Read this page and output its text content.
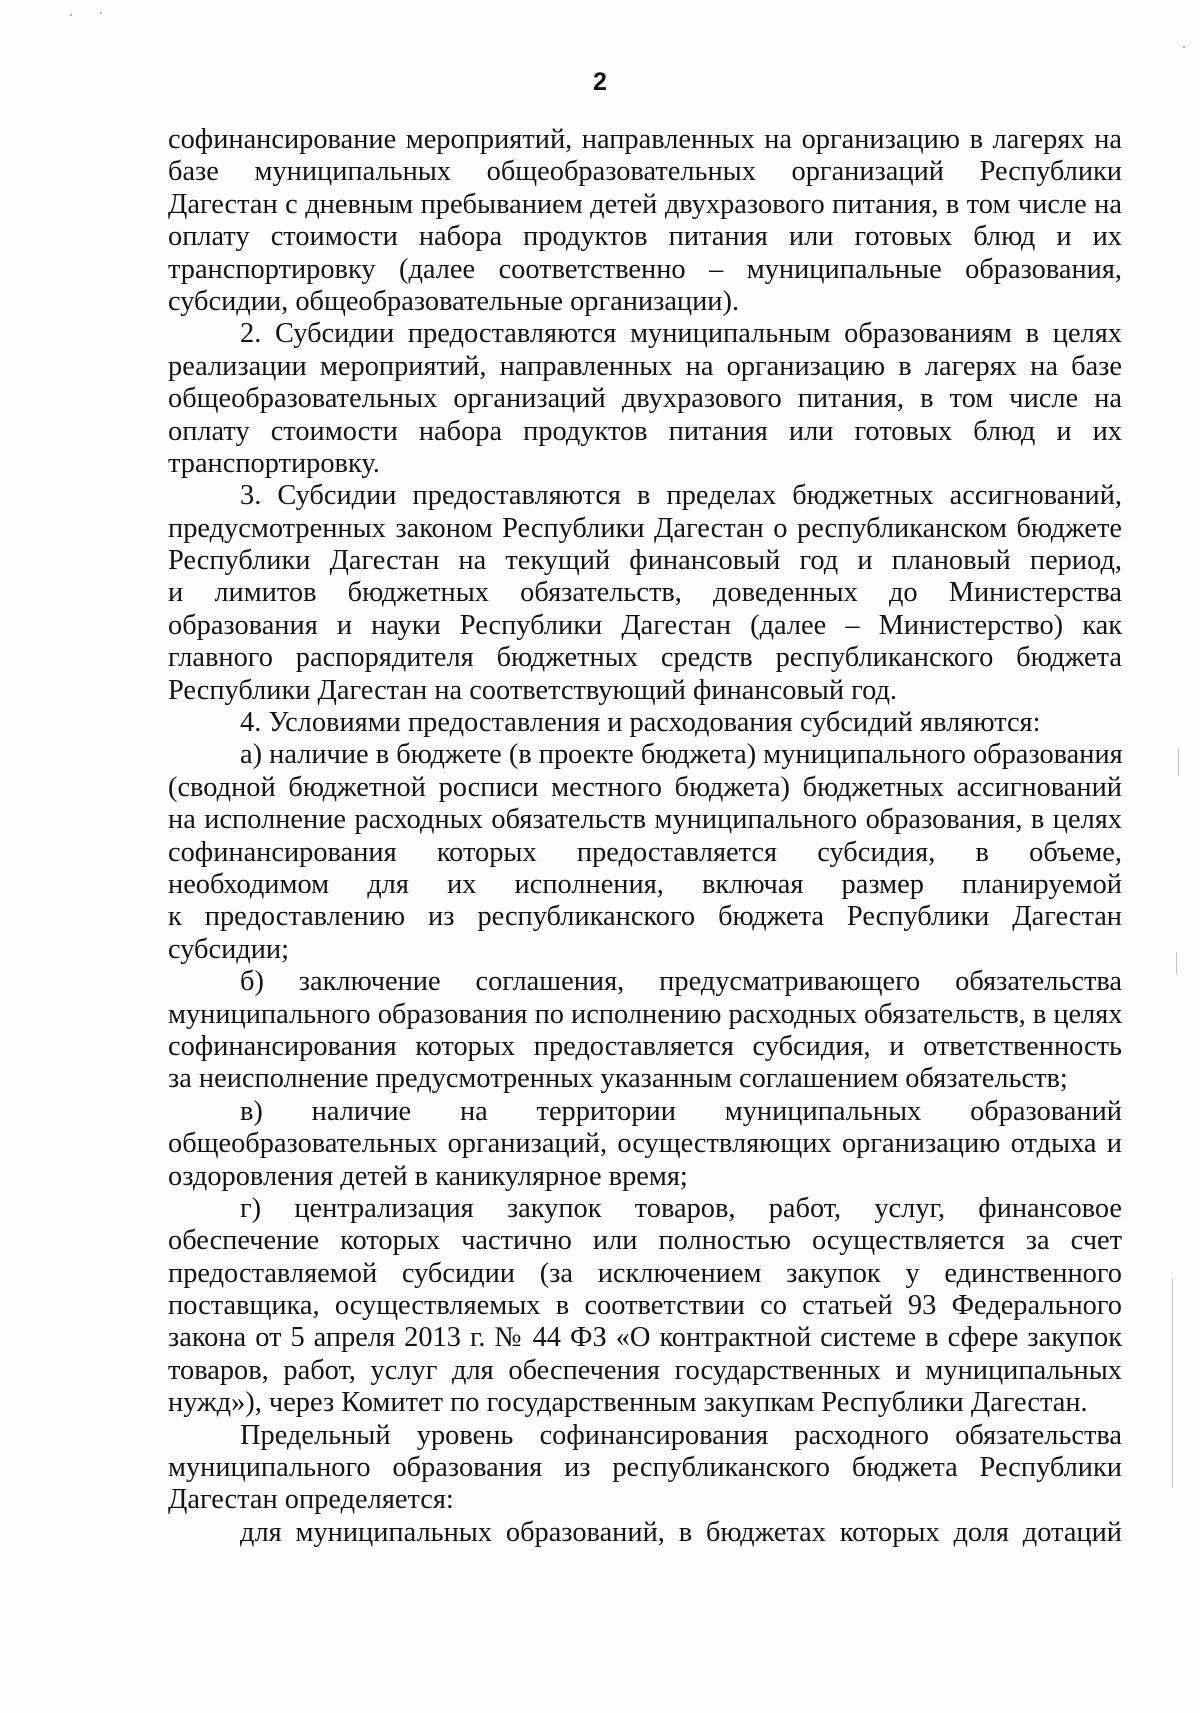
2
софинансирование мероприятий, направленных на организацию в лагерях на
базе муниципальных общеобразовательных организаций Республики
Дагестан с дневным пребыванием детей двухразового питания, в том числе на
оплату стоимости набора продуктов питания или готовых блюд и их
транспортировку (далее соответственно – муниципальные образования,
субсидии, общеобразовательные организации).
2. Субсидии предоставляются муниципальным образованиям в целях
реализации мероприятий, направленных на организацию в лагерях на базе
общеобразовательных организаций двухразового питания, в том числе на
оплату стоимости набора продуктов питания или готовых блюд и их
транспортировку.
3. Субсидии предоставляются в пределах бюджетных ассигнований,
предусмотренных законом Республики Дагестан о республиканском бюджете
Республики Дагестан на текущий финансовый год и плановый период,
и лимитов бюджетных обязательств, доведенных до Министерства
образования и науки Республики Дагестан (далее – Министерство) как
главного распорядителя бюджетных средств республиканского бюджета
Республики Дагестан на соответствующий финансовый год.
4. Условиями предоставления и расходования субсидий являются:
а) наличие в бюджете (в проекте бюджета) муниципального образования
(сводной бюджетной росписи местного бюджета) бюджетных ассигнований
на исполнение расходных обязательств муниципального образования, в целях
софинансирования которых предоставляется субсидия, в объеме,
необходимом для их исполнения, включая размер планируемой
к предоставлению из республиканского бюджета Республики Дагестан
субсидии;
б) заключение соглашения, предусматривающего обязательства
муниципального образования по исполнению расходных обязательств, в целях
софинансирования которых предоставляется субсидия, и ответственность
за неисполнение предусмотренных указанным соглашением обязательств;
в) наличие на территории муниципальных образований
общеобразовательных организаций, осуществляющих организацию отдыха и
оздоровления детей в каникулярное время;
г) централизация закупок товаров, работ, услуг, финансовое
обеспечение которых частично или полностью осуществляется за счет
предоставляемой субсидии (за исключением закупок у единственного
поставщика, осуществляемых в соответствии со статьей 93 Федерального
закона от 5 апреля 2013 г. № 44 ФЗ «О контрактной системе в сфере закупок
товаров, работ, услуг для обеспечения государственных и муниципальных
нужд»), через Комитет по государственным закупкам Республики Дагестан.
Предельный уровень софинансирования расходного обязательства
муниципального образования из республиканского бюджета Республики
Дагестан определяется:
для муниципальных образований, в бюджетах которых доля дотаций
